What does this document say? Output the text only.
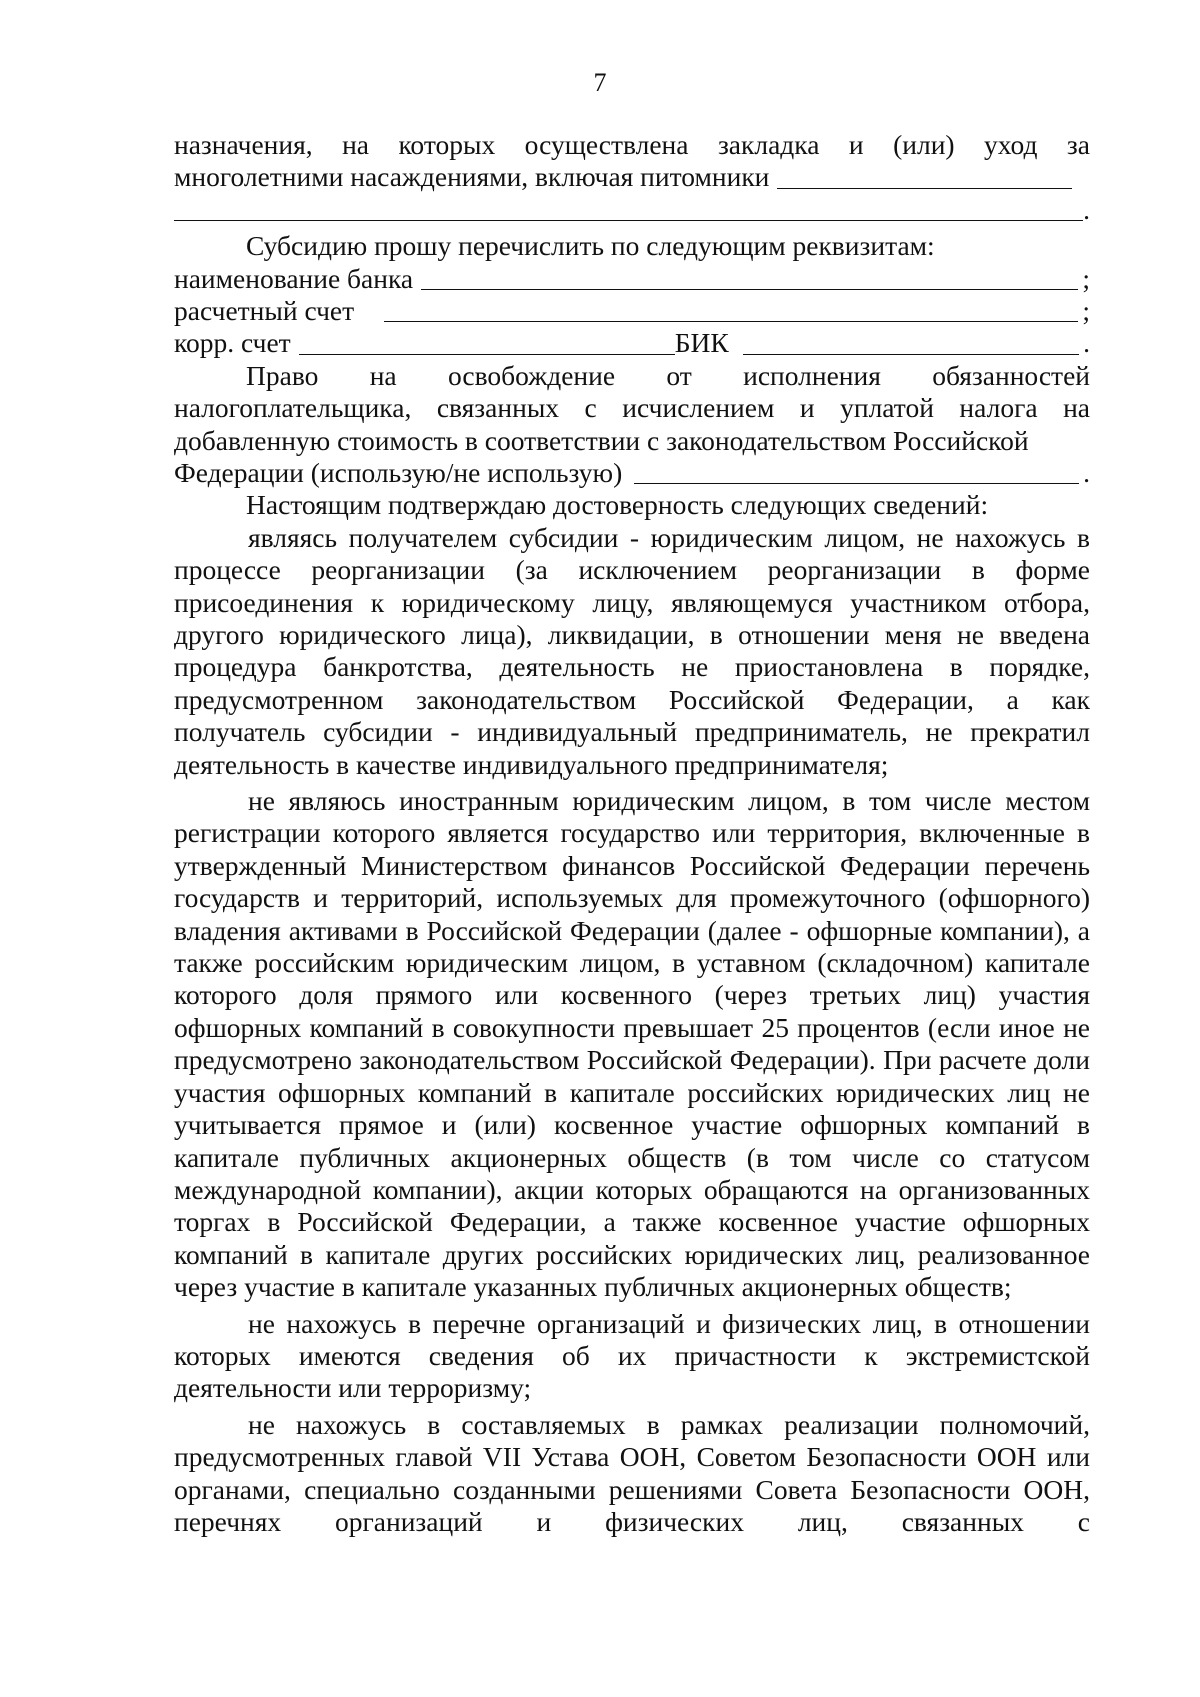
7

назначения, на которых осуществлена закладка и (или) уход за

многолетними насаждениями, включая питомники
.

Субсидию прошу перечислить по следующим реквизитам:

наименование банка	;
расчетный счет	;
корр. счет	БИК	.

Право на освобождение от исполнения обязанностей налогоплательщика, связанных с исчислением и уплатой налога на добавленную стоимость в соответствии с законодательством Российской

Федерации (использую/не использую)	.

Настоящим подтверждаю достоверность следующих сведений:

являясь получателем субсидии - юридическим лицом, не нахожусь в процессе реорганизации (за исключением реорганизации в форме присоединения к юридическому лицу, являющемуся участником отбора, другого юридического лица), ликвидации, в отношении меня не введена процедура банкротства, деятельность не приостановлена в порядке, предусмотренном законодательством Российской Федерации, а как получатель субсидии - индивидуальный предприниматель, не прекратил деятельность в качестве индивидуального предпринимателя;

не являюсь иностранным юридическим лицом, в том числе местом регистрации которого является государство или территория, включенные в утвержденный Министерством финансов Российской Федерации перечень государств и территорий, используемых для промежуточного (офшорного) владения активами в Российской Федерации (далее - офшорные компании), а также российским юридическим лицом, в уставном (складочном) капитале которого доля прямого или косвенного (через третьих лиц) участия офшорных компаний в совокупности превышает 25 процентов (если иное не предусмотрено законодательством Российской Федерации). При расчете доли участия офшорных компаний в капитале российских юридических лиц не учитывается прямое и (или) косвенное участие офшорных компаний в капитале публичных акционерных обществ (в том числе со статусом международной компании), акции которых обращаются на организованных торгах в Российской Федерации, а также косвенное участие офшорных компаний в капитале других российских юридических лиц, реализованное через участие в капитале указанных публичных акционерных обществ;

не нахожусь в перечне организаций и физических лиц, в отношении которых имеются сведения об их причастности к экстремистской деятельности или терроризму;

не нахожусь в составляемых в рамках реализации полномочий, предусмотренных главой VII Устава ООН, Советом Безопасности ООН или органами, специально созданными решениями Совета Безопасности ООН, перечнях организаций и физических лиц, связанных с
